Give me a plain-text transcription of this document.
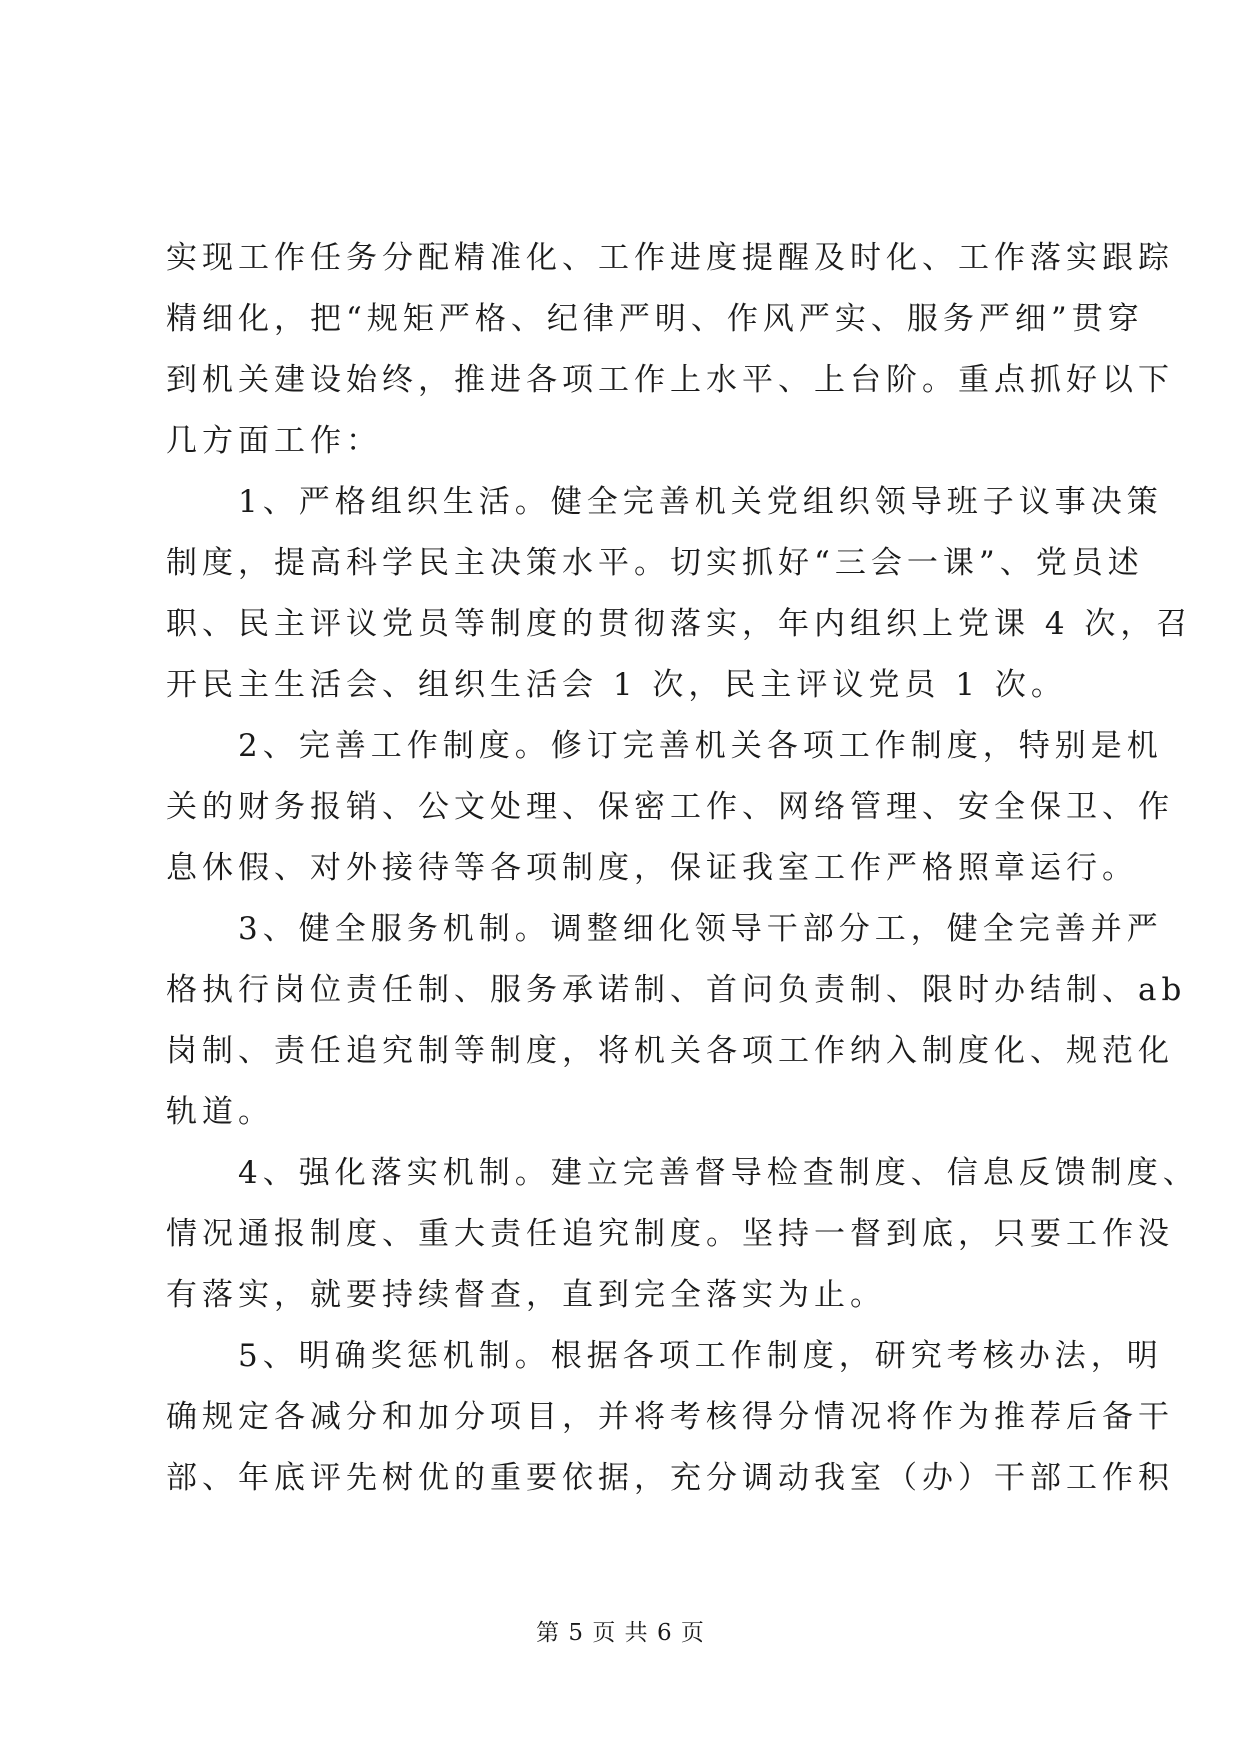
实现工作任务分配精准化、工作进度提醒及时化、工作落实跟踪
精细化，把“规矩严格、纪律严明、作风严实、服务严细”贯穿
到机关建设始终，推进各项工作上水平、上台阶。重点抓好以下
几方面工作：
　　1、严格组织生活。健全完善机关党组织领导班子议事决策
制度，提高科学民主决策水平。切实抓好“三会一课”、党员述
职、民主评议党员等制度的贯彻落实，年内组织上党课 4 次，召
开民主生活会、组织生活会 1 次，民主评议党员 1 次。
　　2、完善工作制度。修订完善机关各项工作制度，特别是机
关的财务报销、公文处理、保密工作、网络管理、安全保卫、作
息休假、对外接待等各项制度，保证我室工作严格照章运行。
　　3、健全服务机制。调整细化领导干部分工，健全完善并严
格执行岗位责任制、服务承诺制、首问负责制、限时办结制、ab
岗制、责任追究制等制度，将机关各项工作纳入制度化、规范化
轨道。
　　4、强化落实机制。建立完善督导检查制度、信息反馈制度、
情况通报制度、重大责任追究制度。坚持一督到底，只要工作没
有落实，就要持续督查，直到完全落实为止。
　　5、明确奖惩机制。根据各项工作制度，研究考核办法，明
确规定各减分和加分项目，并将考核得分情况将作为推荐后备干
部、年底评先树优的重要依据，充分调动我室（办）干部工作积
第 5 页 共 6 页
